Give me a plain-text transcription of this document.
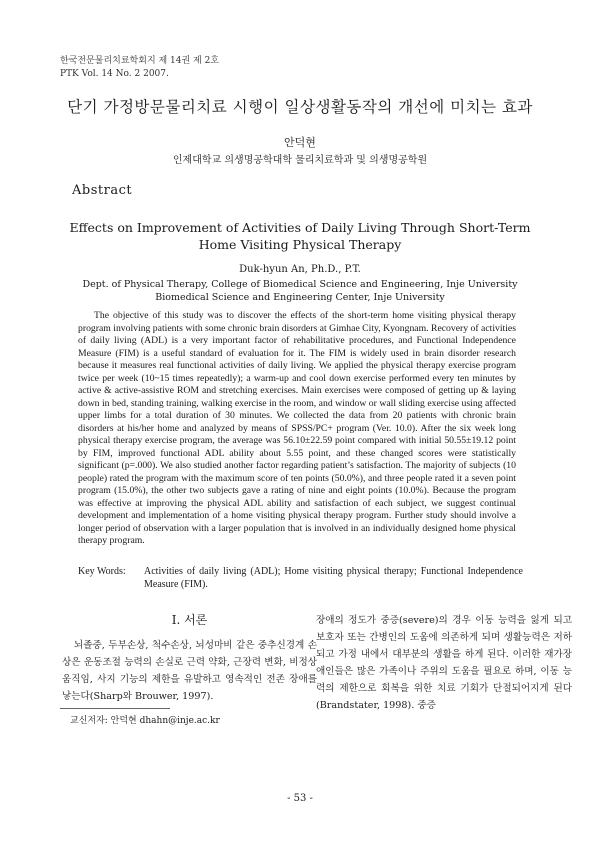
한국전문물리치료학회지 제 14권 제 2호
PTK Vol. 14 No. 2 2007.
단기 가정방문물리치료 시행이 일상생활동작의 개선에 미치는 효과
안덕현
인제대학교 의생명공학대학 물리치료학과 및 의생명공학원
Abstract
Effects on Improvement of Activities of Daily Living Through Short-Term Home Visiting Physical Therapy
Duk-hyun An, Ph.D., P.T.
Dept. of Physical Therapy, College of Biomedical Science and Engineering, Inje University
Biomedical Science and Engineering Center, Inje University

The objective of this study was to discover the effects of the short-term home visiting physical therapy program involving patients with some chronic brain disorders at Gimhae City, Kyongnam. Recovery of activities of daily living (ADL) is a very important factor of rehabilitative procedures, and Functional Independence Measure (FIM) is a useful standard of evaluation for it. The FIM is widely used in brain disorder research because it measures real functional activities of daily living. We applied the physical therapy exercise program twice per week (10~15 times repeatedly); a warm-up and cool down exercise performed every ten minutes by active & active-assistive ROM and stretching exercises. Main exercises were composed of getting up & laying down in bed, standing training, walking exercise in the room, and window or wall sliding exercise using affected upper limbs for a total duration of 30 minutes. We collected the data from 20 patients with chronic brain disorders at his/her home and analyzed by means of SPSS/PC+ program (Ver. 10.0). After the six week long physical therapy exercise program, the average was 56.10±22.59 point compared with initial 50.55±19.12 point by FIM, improved functional ADL ability about 5.55 point, and these changed scores were statistically significant (p=.000). We also studied another factor regarding patient’s satisfaction. The majority of subjects (10 people) rated the program with the maximum score of ten points (50.0%), and three people rated it a seven point program (15.0%), the other two subjects gave a rating of nine and eight points (10.0%). Because the program was effective at improving the physical ADL ability and satisfaction of each subject, we suggest continual development and implementation of a home visiting physical therapy program. Further study should involve a longer period of observation with a larger population that is involved in an individually designed home physical therapy program.

Key Words:	Activities of daily living (ADL); Home visiting physical therapy; Functional Independence Measure (FIM).
Ⅰ. 서론

뇌졸중, 두부손상, 척수손상, 뇌성마비 같은 중추신경계 손상은 운동조절 능력의 손실로 근력 약화, 근장력 변화, 비정상 움직임, 사지 기능의 제한을 유발하고 영속적인 전존 장애를 낳는다(Sharp와 Brouwer, 1997).

장애의 정도가 중증(severe)의 경우 이동 능력을 잃게 되고 보호자 또는 간병인의 도움에 의존하게 되며 생활능력은 저하되고 가정 내에서 대부분의 생활을 하게 된다. 이러한 재가장애인들은 많은 가족이나 주위의 도움을 필요로 하며, 이동 능력의 제한으로 회복을 위한 치료 기회가 단절되어지게 된다(Brandstater, 1998). 중증

교신저자: 안덕현 dhahn@inje.ac.kr
- 53 -
